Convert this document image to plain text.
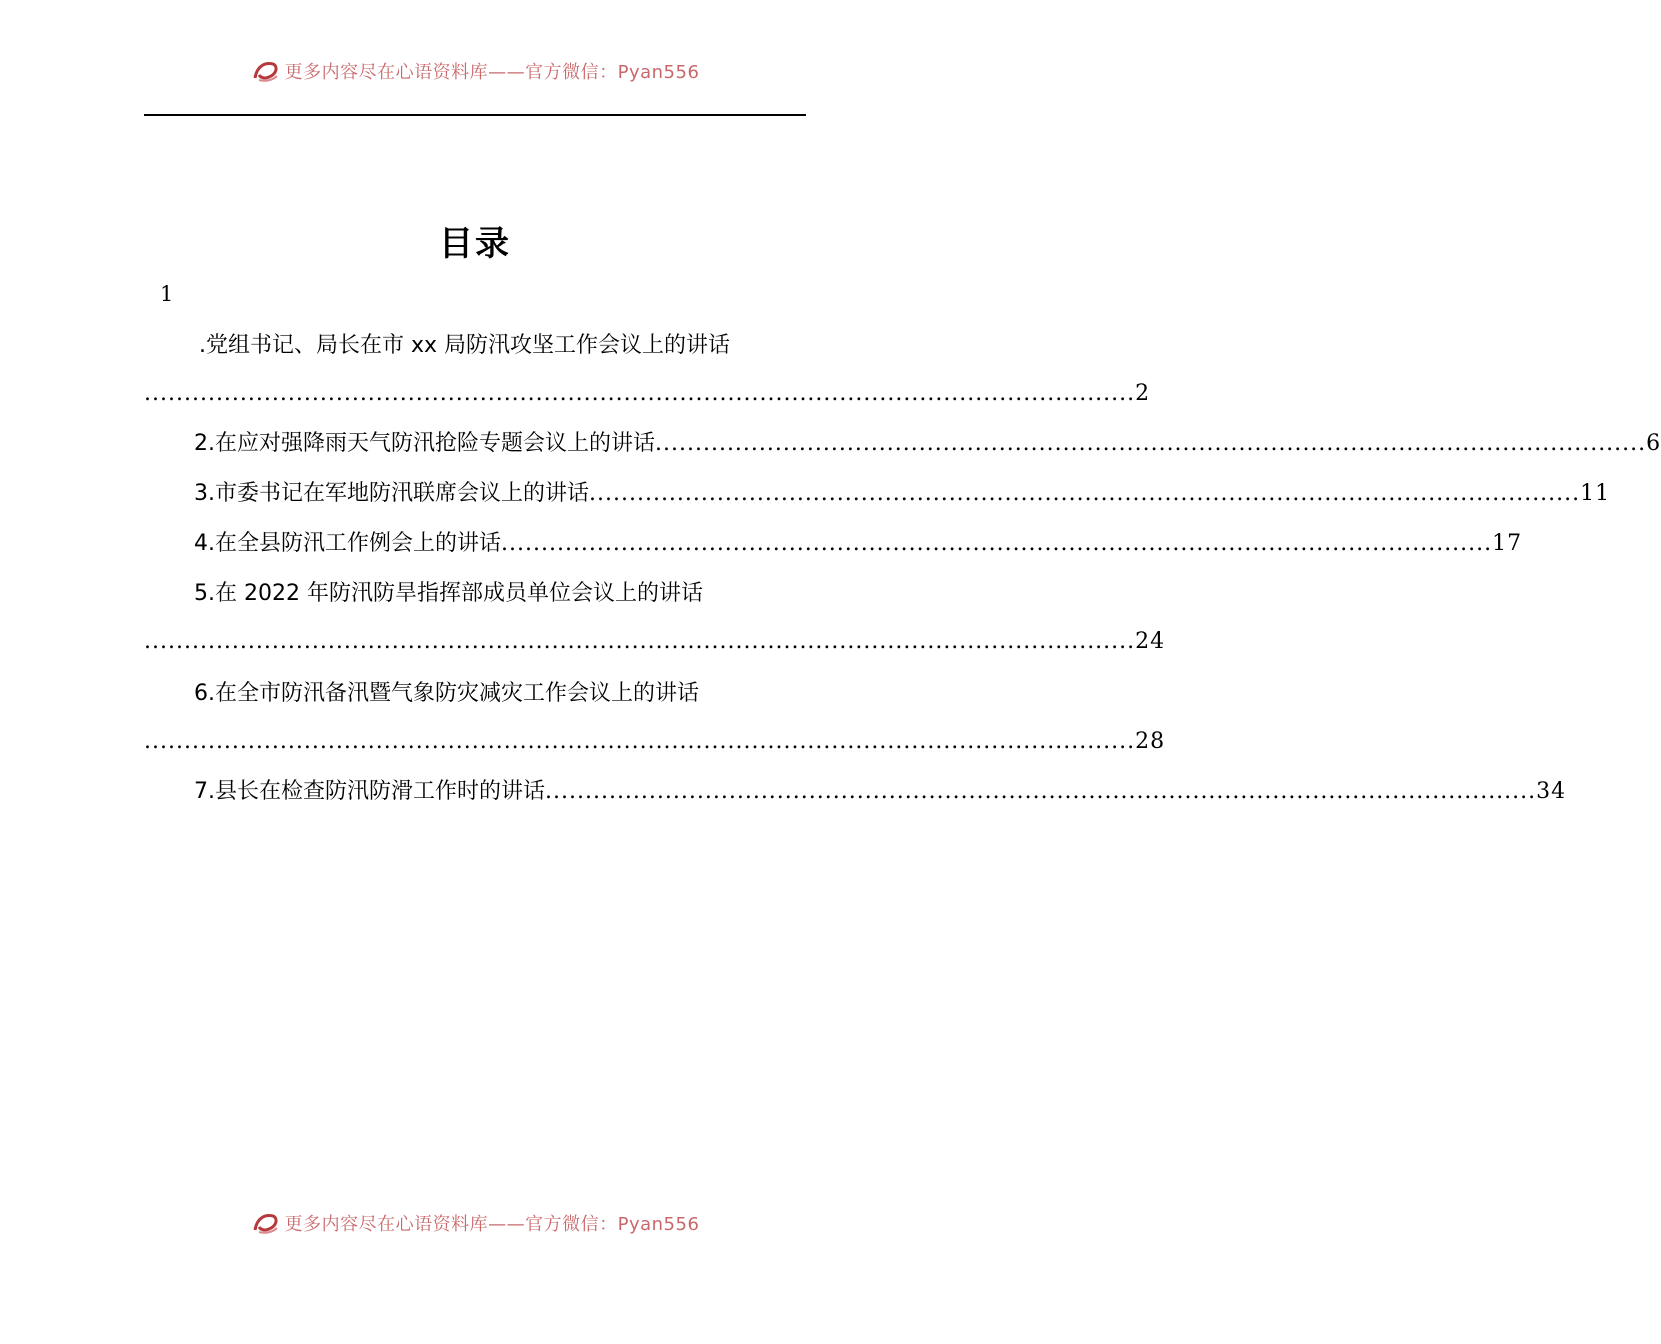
更多内容尽在心语资料库——官方微信：Pyan556
目录
1
.党组书记、局长在市 xx 局防汛攻坚工作会议上的讲话
............................................................................................................................ 2
2.在应对强降雨天气防汛抢险专题会议上的讲话 ............................................................................................................................ 6
3.市委书记在军地防汛联席会议上的讲话 ............................................................................................................................ 11
4.在全县防汛工作例会上的讲话 ............................................................................................................................ 17
5.在 2022 年防汛防旱指挥部成员单位会议上的讲话
............................................................................................................................ 24
6.在全市防汛备汛暨气象防灾减灾工作会议上的讲话
............................................................................................................................ 28
7.县长在检查防汛防滑工作时的讲话 ............................................................................................................................ 34
更多内容尽在心语资料库——官方微信：Pyan556
